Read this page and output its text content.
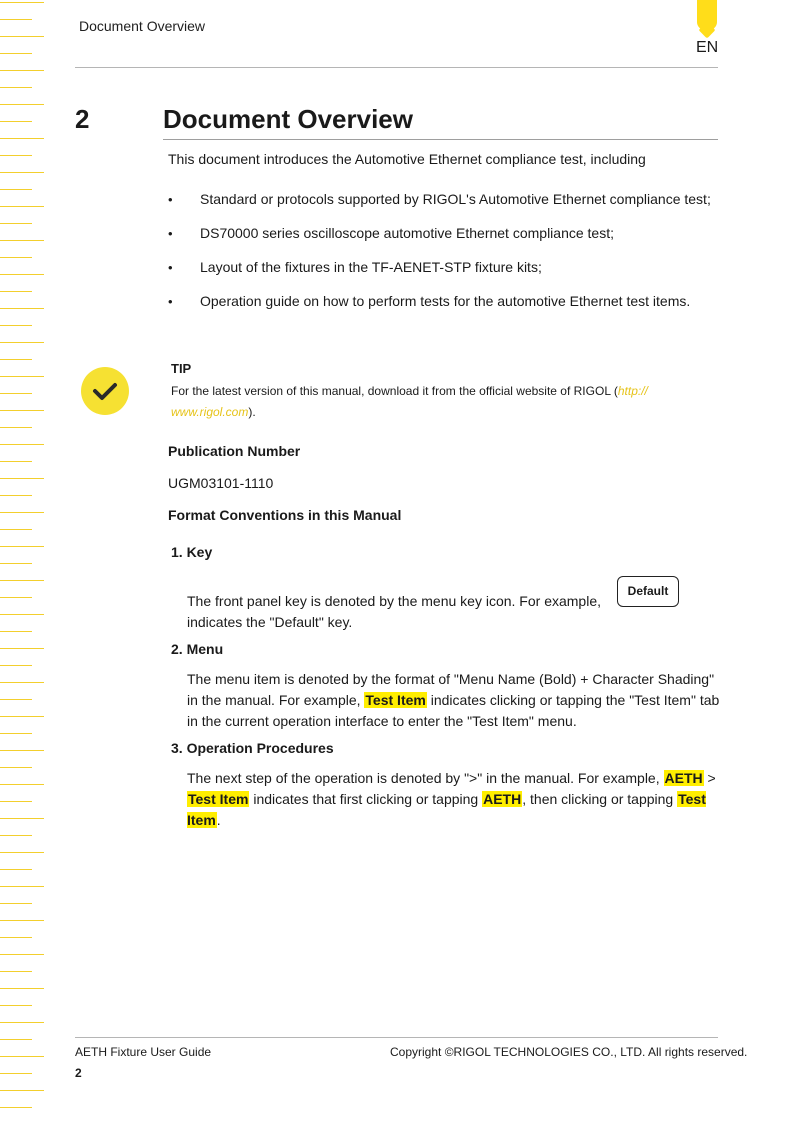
Document Overview
EN
2	Document Overview
This document introduces the Automotive Ethernet compliance test, including
• Standard or protocols supported by RIGOL's Automotive Ethernet compliance test;
• DS70000 series oscilloscope automotive Ethernet compliance test;
• Layout of the fixtures in the TF-AENET-STP fixture kits;
• Operation guide on how to perform tests for the automotive Ethernet test items.
TIP
For the latest version of this manual, download it from the official website of RIGOL (http:// www.rigol.com).
Publication Number
UGM03101-1110
Format Conventions in this Manual
1. Key
The front panel key is denoted by the menu key icon. For example,
indicates the "Default" key.
Default
2. Menu
The menu item is denoted by the format of "Menu Name (Bold) + Character Shading" in the manual. For example, Test Item indicates clicking or tapping the "Test Item" tab in the current operation interface to enter the "Test Item" menu.
3. Operation Procedures
The next step of the operation is denoted by ">" in the manual. For example, AETH > Test Item indicates that first clicking or tapping AETH, then clicking or tapping Test Item.
AETH Fixture User Guide	Copyright ©RIGOL TECHNOLOGIES CO., LTD. All rights reserved.
2
